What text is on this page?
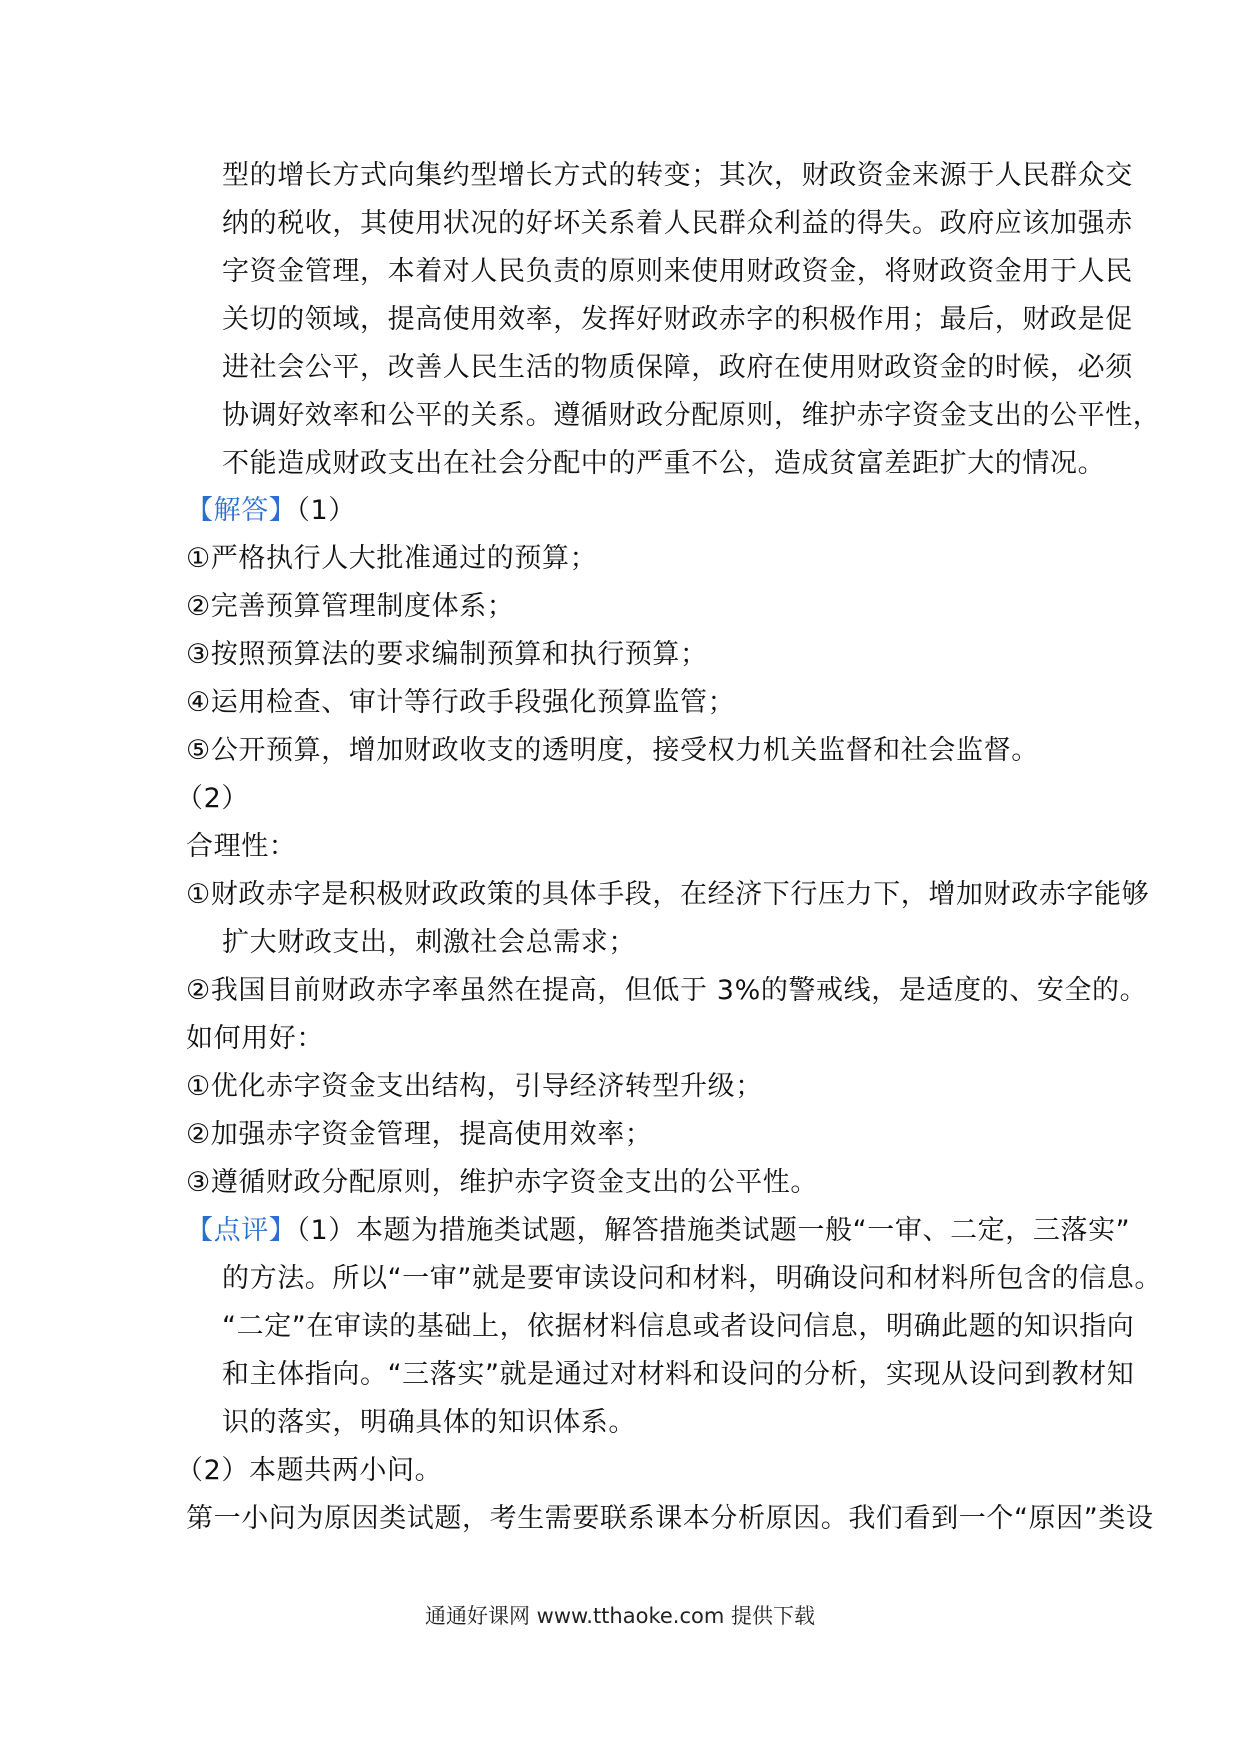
型的增长方式向集约型增长方式的转变；其次，财政资金来源于人民群众交
纳的税收，其使用状况的好坏关系着人民群众利益的得失。政府应该加强赤
字资金管理，本着对人民负责的原则来使用财政资金，将财政资金用于人民
关切的领域，提高使用效率，发挥好财政赤字的积极作用；最后，财政是促
进社会公平，改善人民生活的物质保障，政府在使用财政资金的时候，必须
协调好效率和公平的关系。遵循财政分配原则，维护赤字资金支出的公平性，
不能造成财政支出在社会分配中的严重不公，造成贫富差距扩大的情况。
【解答】（1）
①严格执行人大批准通过的预算；
②完善预算管理制度体系；
③按照预算法的要求编制预算和执行预算；
④运用检查、审计等行政手段强化预算监管；
⑤公开预算，增加财政收支的透明度，接受权力机关监督和社会监督。
（2）
合理性：
①财政赤字是积极财政政策的具体手段，在经济下行压力下，增加财政赤字能够
扩大财政支出，刺激社会总需求；
②我国目前财政赤字率虽然在提高，但低于 3%的警戒线，是适度的、安全的。
如何用好：
①优化赤字资金支出结构，引导经济转型升级；
②加强赤字资金管理，提高使用效率；
③遵循财政分配原则，维护赤字资金支出的公平性。
【点评】（1）本题为措施类试题，解答措施类试题一般“一审、二定，三落实”
的方法。所以“一审”就是要审读设问和材料，明确设问和材料所包含的信息。
“二定”在审读的基础上，依据材料信息或者设问信息，明确此题的知识指向
和主体指向。“三落实”就是通过对材料和设问的分析，实现从设问到教材知
识的落实，明确具体的知识体系。
（2）本题共两小问。
第一小问为原因类试题，考生需要联系课本分析原因。我们看到一个“原因”类设
通通好课网 www.tthaoke.com 提供下载
